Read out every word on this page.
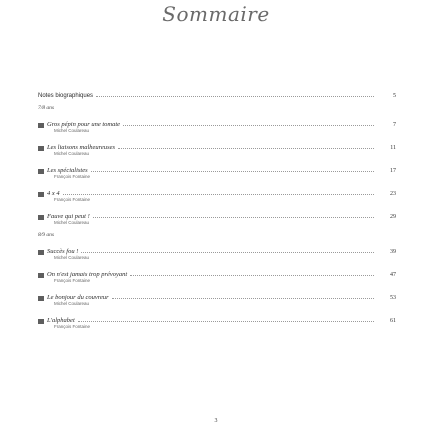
Sommaire
Notes biographiques	5
7/8 ans
Gros pépin pour une tomate	7
Michel Coulareau
Les liaisons malheureuses	11
Michel Coulareau
Les spécialistes	17
François Fontaine
4 x 4	23
François Fontaine
Fauve qui peut !	29
Michel Coulareau
8/9 ans
Succès fou !	39
Michel Coulareau
On n'est jamais trop prévoyant	47
François Fontaine
Le bonjour du couvreur	53
Michel Coulareau
L'alphabet	61
François Fontaine
3
